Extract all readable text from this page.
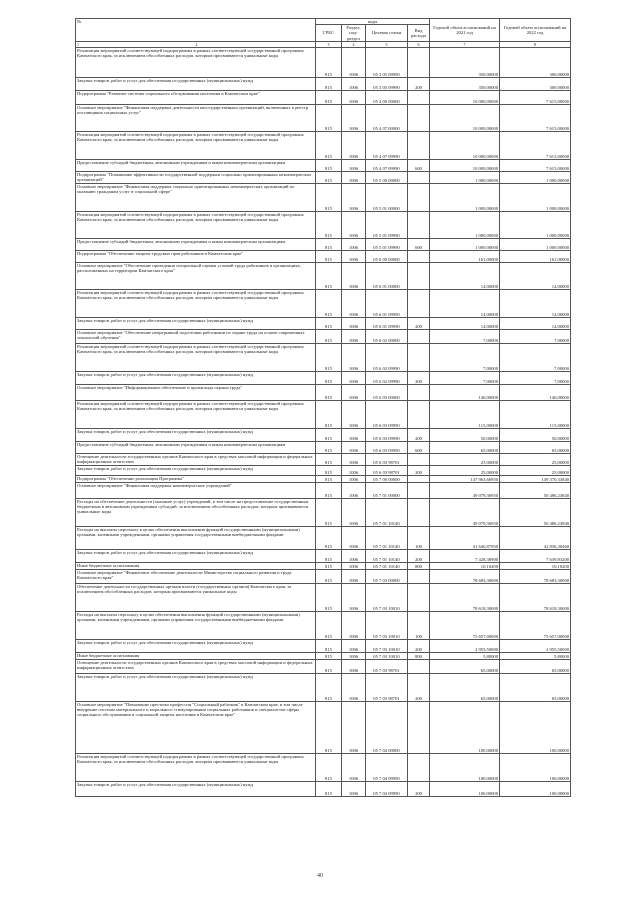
№	коды				Годовой объем ассигнований на 2021 год	Годовой объем ассигнований на 2022 год
	ГРБС	Раздел, под-раздел	Целевая статья	Вид расхода		

1 2	3	4	5	6	7	8
Реализация мероприятий соответствующей подпрограммы в рамках соответствующей государственной программы Камчатского края, за исключением обособленных расходов, которым присваиваются уникальные коды	815	1006	05 3 05 09990		350,00000	300,00000
Закупка товаров, работ и услуг для обеспечения государственных (муниципальных) нужд	815	1006	05 3 05 09990	200	350,00000	300,00000
Подпрограмма "Развитие системы социального обслуживания населения в Камчатском крае"	815	1006	05 4 00 00000		10 000,00000	7 615,00000
Основное мероприятие "Финансовая поддержка деятельности негосударственных организаций, включенных в реестр поставщиков социальных услуг"	815	1006	05 4 07 00000		10 000,00000	7 615,00000
Реализация мероприятий соответствующей подпрограммы в рамках соответствующей государственной программы Камчатского края, за исключением обособленных расходов, которым присваиваются уникальные коды	815	1006	05 4 07 09990		10 000,00000	7 615,00000
Предоставление субсидий бюджетным, автономным учреждениям и иным некоммерческим организациям	815	1006	05 4 07 09990	600	10 000,00000	7 615,00000
Подпрограмма "Повышение эффективности государственной поддержки социально ориентированных некоммерческих организаций"	815	1006	05 5 00 00000		1 000,00000	1 000,00000
Основное мероприятие "Финансовая поддержка социально ориентированных некоммерческих организаций по оказанию гражданам услуг в социальной сфере"	815	1006	05 5 01 00000		1 000,00000	1 000,00000
Реализация мероприятий соответствующей подпрограммы в рамках соответствующей государственной программы Камчатского края, за исключением обособленных расходов, которым присваиваются уникальные коды	815	1006	05 5 01 09990		1 000,00000	1 000,00000
Предоставление субсидий бюджетным, автономным учреждениям и иным некоммерческим организациям	815	1006	05 5 01 09990	600	1 000,00000	1 000,00000
Подпрограмма "Обеспечение защиты трудовых прав работников в Камчатском крае"	815	1006	05 6 00 00000		161,00000	161,00000
Основное мероприятие "Обеспечение проведения специальной оценки условий труда работников в организациях, расположенных на территории Камчатского края"	815	1006	05 6 01 00000		14,00000	14,00000
Реализация мероприятий соответствующей подпрограммы в рамках соответствующей государственной программы Камчатского края, за исключением обособленных расходов, которым присваиваются уникальные коды	815	1006	05 6 01 09990		14,00000	14,00000
Закупка товаров, работ и услуг для обеспечения государственных (муниципальных) нужд	815	1006	05 6 01 09990	200	14,00000	14,00000
Основное мероприятие "Обеспечение непрерывной подготовки работников по охране труда на основе современных технологий обучения"	815	1006	05 6 02 00000		7,00000	7,00000
Реализация мероприятий соответствующей подпрограммы в рамках соответствующей государственной программы Камчатского края, за исключением обособленных расходов, которым присваиваются уникальные коды	815	1006	05 6 02 09990		7,00000	7,00000
Закупка товаров, работ и услуг для обеспечения государственных (муниципальных) нужд	815	1006	05 6 02 09990	200	7,00000	7,00000
Основное мероприятие "Информационное обеспечение и пропаганда охраны труда"	815	1006	05 6 03 00000		140,00000	140,00000
Реализация мероприятий соответствующей подпрограммы в рамках соответствующей государственной программы Камчатского края, за исключением обособленных расходов, которым присваиваются уникальные коды	815	1006	05 6 03 09990		115,00000	115,00000
Закупка товаров, работ и услуг для обеспечения государственных (муниципальных) нужд	815	1006	05 6 03 09990	200	50,00000	50,00000
Предоставление субсидий бюджетным, автономным учреждениям и иным некоммерческим организациям	815	1006	05 6 03 09990	600	65,00000	65,00000
Освещение деятельности государственных органов Камчатского края в средствах массовой информации и федеральных информационных агентствах	815	1006	05 6 03 98701		25,00000	25,00000
Закупка товаров, работ и услуг для обеспечения государственных (муниципальных) нужд	815	1006	05 6 03 98701	200	25,00000	25,00000
Подпрограмма "Обеспечение реализации Программы"	815	1006	05 7 00 00000		147 963,66950	149 370,33840
Основное мероприятие "Финансовая поддержка некоммерческих учреждений"	815	1006	05 7 01 00000		49 079,36950	50 486,23840
Расходы на обеспечение деятельности (оказание услуг) учреждений, в том числе на предоставление государственным бюджетным и автономным учреждениям субсидий, за исключением обособленных расходов, которым присваиваются уникальные коды	815	1006	05 7 01 10140		49 079,36950	50 486,23840
Расходы на выплаты персоналу в целях обеспечения выполнения функций государственными (муниципальными) органами, казенными учреждениями, органами управления государственными внебюджетными фондами	815	1006	05 7 01 10140	100	41 640,87950	42 836,30460
Закупка товаров, работ и услуг для обеспечения государственных (муниципальных) нужд	815	1006	05 7 01 10140	200	7 428,38900	7 639,83200
Иные бюджетные ассигнования	815	1006	05 7 01 10140	800	10,10200	10,10200
Основное мероприятие "Финансовое обеспечение деятельности Министерства социального развития и труда Камчатского края"	815	1006	05 7 03 00000		78 683,30000	78 683,30000
Обеспечение деятельности государственных органов власти (государственных органов) Камчатского края, за исключением обособленных расходов, которым присваиваются уникальные коды	815	1006	05 7 03 10010		78 618,30000	78 618,30000
Расходы на выплаты персоналу в целях обеспечения выполнения функций государственными (муниципальными) органами, казенными учреждениями, органами управления государственными внебюджетными фондами	815	1006	05 7 03 10010	100	75 657,00000	75 657,00000
Закупка товаров, работ и услуг для обеспечения государственных (муниципальных) нужд	815	1006	05 7 03 10010	200	2 955,50000	2 955,50000
Иные бюджетные ассигнования	815	1006	05 7 03 10010	800	5,80000	5,80000
Освещение деятельности государственных органов Камчатского края в средствах массовой информации и федеральных информационных агентствах	815	1006	05 7 03 98701		65,00000	65,00000
Закупка товаров, работ и услуг для обеспечения государственных (муниципальных) нужд	815	1006	05 7 03 98701	200	65,00000	65,00000
Основное мероприятие "Повышение престижа профессии "Социальный работник" в Камчатском крае, в том числе внедрение системы материального и морального стимулирования социальных работников и специалистов сферы социального обслуживания и социальной защиты населения в Камчатском крае"	815	1006	05 7 04 00000		100,00000	100,00000
Реализация мероприятий соответствующей подпрограммы в рамках соответствующей государственной программы Камчатского края, за исключением обособленных расходов, которым присваиваются уникальные коды	815	1006	05 7 04 09990		100,00000	100,00000
Закупка товаров, работ и услуг для обеспечения государственных (муниципальных) нужд	815	1006	05 7 04 09990	200	100,00000	100,00000
40
